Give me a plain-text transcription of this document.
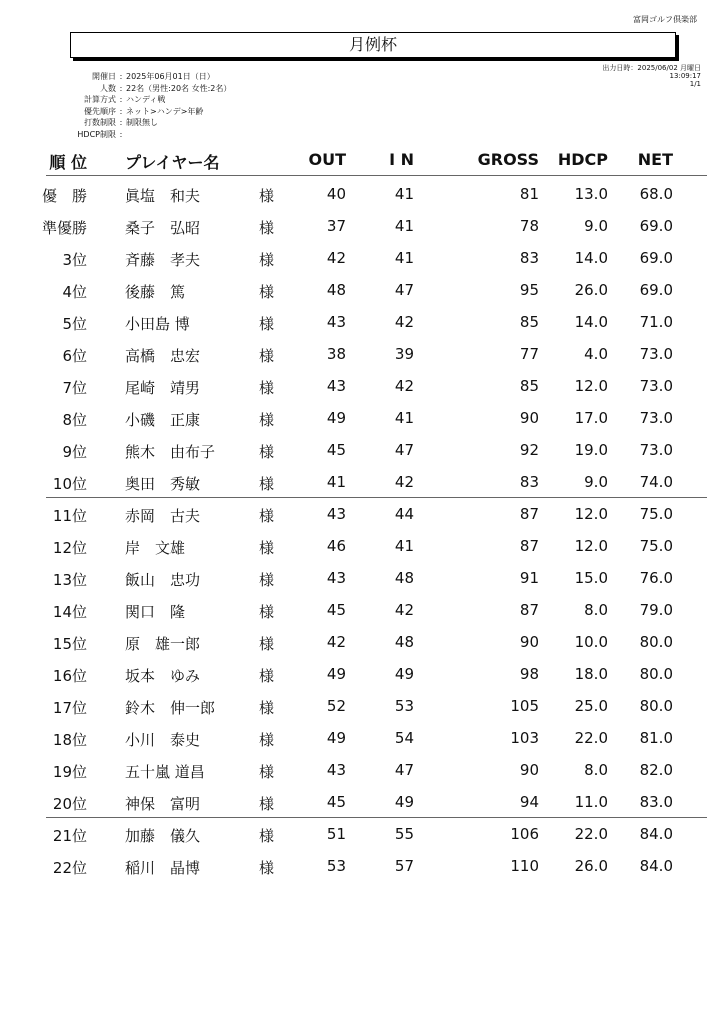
富岡ゴルフ倶楽部
月例杯
出力日時：2025/06/02 月曜日
13:09:17
1/1
開催日 : 2025年06月01日（日）
人数 : 22名（男性:20名 女性:2名）
計算方式 : ハンディ戦
優先順序 : ネット>ハンデ>年齢
打数制限 : 制限無し
HDCP制限 :
順 位 プレイヤー名	OUT	I N	GROSS HDCP NET
優　勝	眞塩　和夫	様	40	41	81 13.0 68.0
準優勝	桑子　弘昭	様	37	41	78	9.0 69.0
3位	斉藤　孝夫	様	42	41	83 14.0 69.0
4位	後藤　篤	様	48	47	95 26.0 69.0
5位	小田島 博	様	43	42	85 14.0 71.0
6位	高橋　忠宏	様	38	39	77	4.0 73.0
7位	尾崎　靖男	様	43	42	85 12.0 73.0
8位	小磯　正康	様	49	41	90 17.0 73.0
9位	熊木　由布子	様	45	47	92 19.0 73.0
10位	奥田　秀敏	様	41	42	83	9.0 74.0
11位	赤岡　古夫	様	43	44	87 12.0 75.0
12位	岸　文雄	様	46	41	87 12.0 75.0
13位	飯山　忠功	様	43	48	91 15.0 76.0
14位	関口　隆	様	45	42	87	8.0 79.0
15位	原　雄一郎	様	42	48	90 10.0 80.0
16位	坂本　ゆみ	様	49	49	98 18.0 80.0
17位	鈴木　伸一郎	様	52	53	105 25.0 80.0
18位	小川　泰史	様	49	54	103 22.0 81.0
19位	五十嵐 道昌	様	43	47	90	8.0 82.0
20位	神保　富明	様	45	49	94 11.0 83.0
21位	加藤　儀久	様	51	55	106 22.0 84.0
22位	稲川　晶博	様	53	57	110 26.0 84.0
